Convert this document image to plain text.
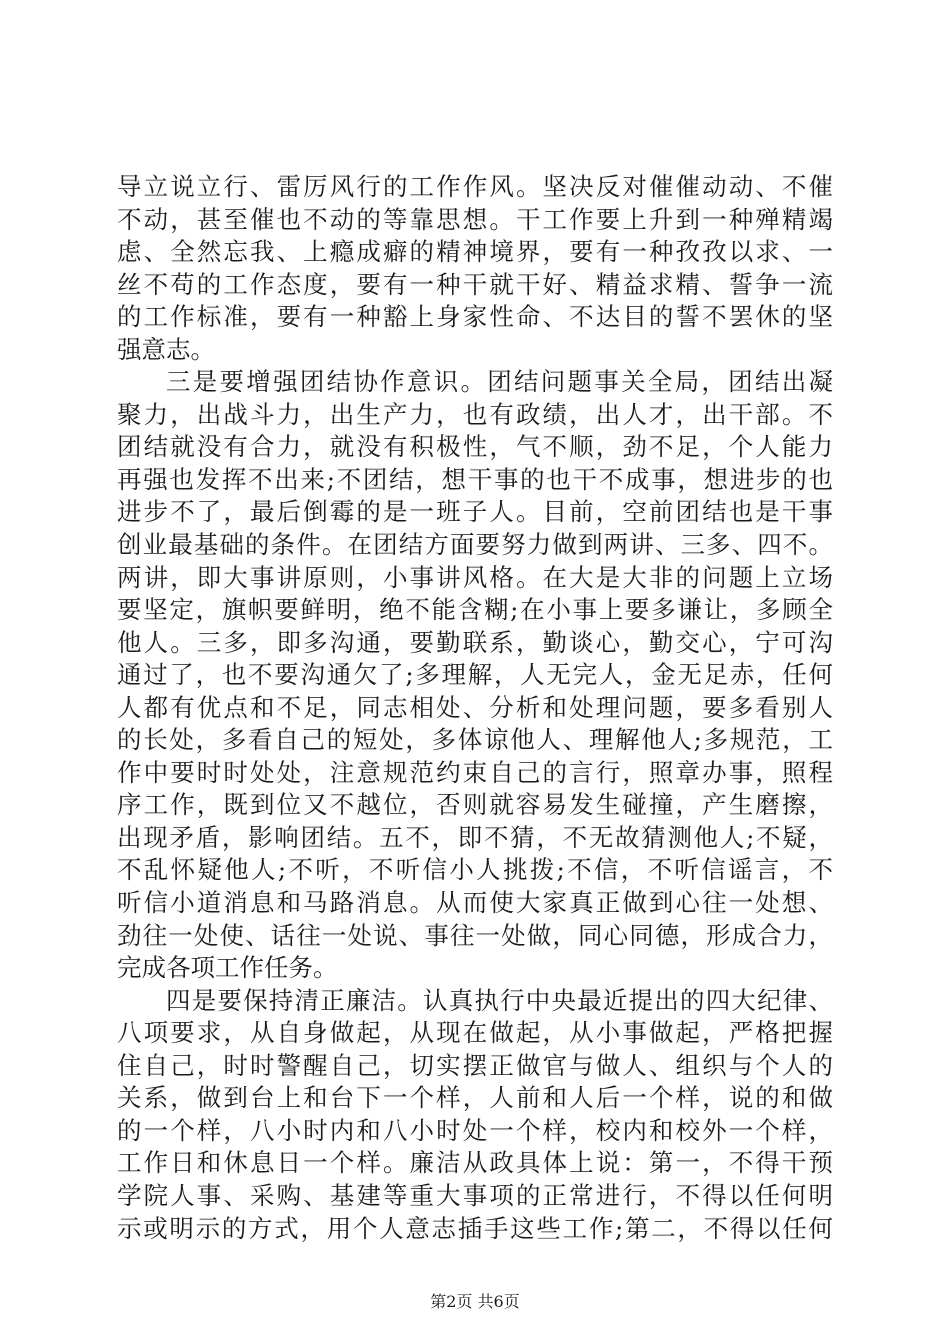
导立说立行、雷厉风行的工作作风。坚决反对催催动动、不催
不动，甚至催也不动的等靠思想。干工作要上升到一种殚精竭
虑、全然忘我、上瘾成癖的精神境界，要有一种孜孜以求、一
丝不苟的工作态度，要有一种干就干好、精益求精、誓争一流
的工作标准，要有一种豁上身家性命、不达目的誓不罢休的坚
强意志。
三是要增强团结协作意识。团结问题事关全局，团结出凝
聚力，出战斗力，出生产力，也有政绩，出人才，出干部。不
团结就没有合力，就没有积极性，气不顺，劲不足，个人能力
再强也发挥不出来;不团结，想干事的也干不成事，想进步的也
进步不了，最后倒霉的是一班子人。目前，空前团结也是干事
创业最基础的条件。在团结方面要努力做到两讲、三多、四不。
两讲，即大事讲原则，小事讲风格。在大是大非的问题上立场
要坚定，旗帜要鲜明，绝不能含糊;在小事上要多谦让，多顾全
他人。三多，即多沟通，要勤联系，勤谈心，勤交心，宁可沟
通过了，也不要沟通欠了;多理解，人无完人，金无足赤，任何
人都有优点和不足，同志相处、分析和处理问题，要多看别人
的长处，多看自己的短处，多体谅他人、理解他人;多规范，工
作中要时时处处，注意规范约束自己的言行，照章办事，照程
序工作，既到位又不越位，否则就容易发生碰撞，产生磨擦，
出现矛盾，影响团结。五不，即不猜，不无故猜测他人;不疑，
不乱怀疑他人;不听，不听信小人挑拨;不信，不听信谣言，不
听信小道消息和马路消息。从而使大家真正做到心往一处想、
劲往一处使、话往一处说、事往一处做，同心同德，形成合力，
完成各项工作任务。
四是要保持清正廉洁。认真执行中央最近提出的四大纪律、
八项要求，从自身做起，从现在做起，从小事做起，严格把握
住自己，时时警醒自己，切实摆正做官与做人、组织与个人的
关系，做到台上和台下一个样，人前和人后一个样，说的和做
的一个样，八小时内和八小时处一个样，校内和校外一个样，
工作日和休息日一个样。廉洁从政具体上说：第一，不得干预
学院人事、采购、基建等重大事项的正常进行，不得以任何明
示或明示的方式，用个人意志插手这些工作;第二，不得以任何
第2页 共6页
